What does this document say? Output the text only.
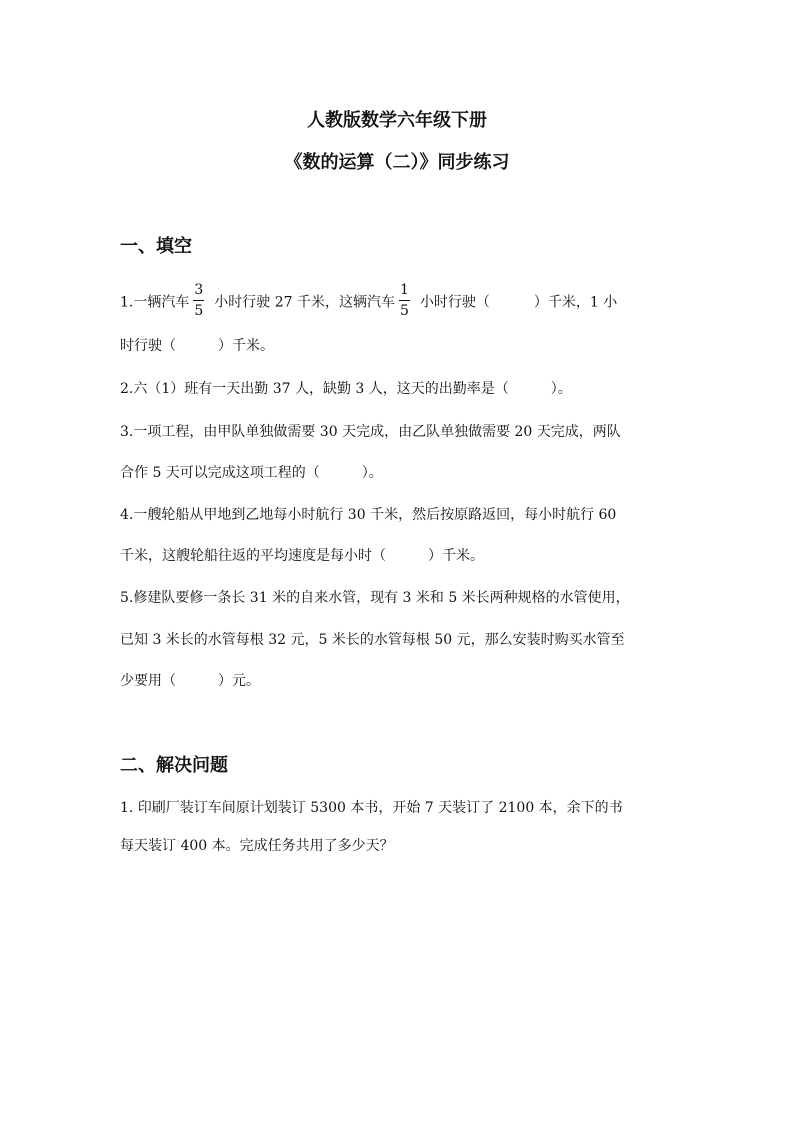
人教版数学六年级下册
《数的运算（二）》同步练习
一、填空
1.一辆汽车 $\frac{3}{5}$ 小时行驶 27 千米，这辆汽车 $\frac{1}{5}$ 小时行驶（	）千米，1 小
时行驶（　　　）千米。
2.六（1）班有一天出勤 37 人，缺勤 3 人，这天的出勤率是（　　　）。
3.一项工程，由甲队单独做需要 30 天完成，由乙队单独做需要 20 天完成，两队
合作 5 天可以完成这项工程的（　　　）。
4.一艘轮船从甲地到乙地每小时航行 30 千米，然后按原路返回，每小时航行 60
千米，这艘轮船往返的平均速度是每小时（　　　）千米。
5.修建队要修一条长 31 米的自来水管，现有 3 米和 5 米长两种规格的水管使用，
已知 3 米长的水管每根 32 元，5 米长的水管每根 50 元，那么安装时购买水管至
少要用（　　　）元。
二、解决问题
1. 印刷厂装订车间原计划装订 5300 本书，开始 7 天装订了 2100 本，余下的书
每天装订 400 本。完成任务共用了多少天？
